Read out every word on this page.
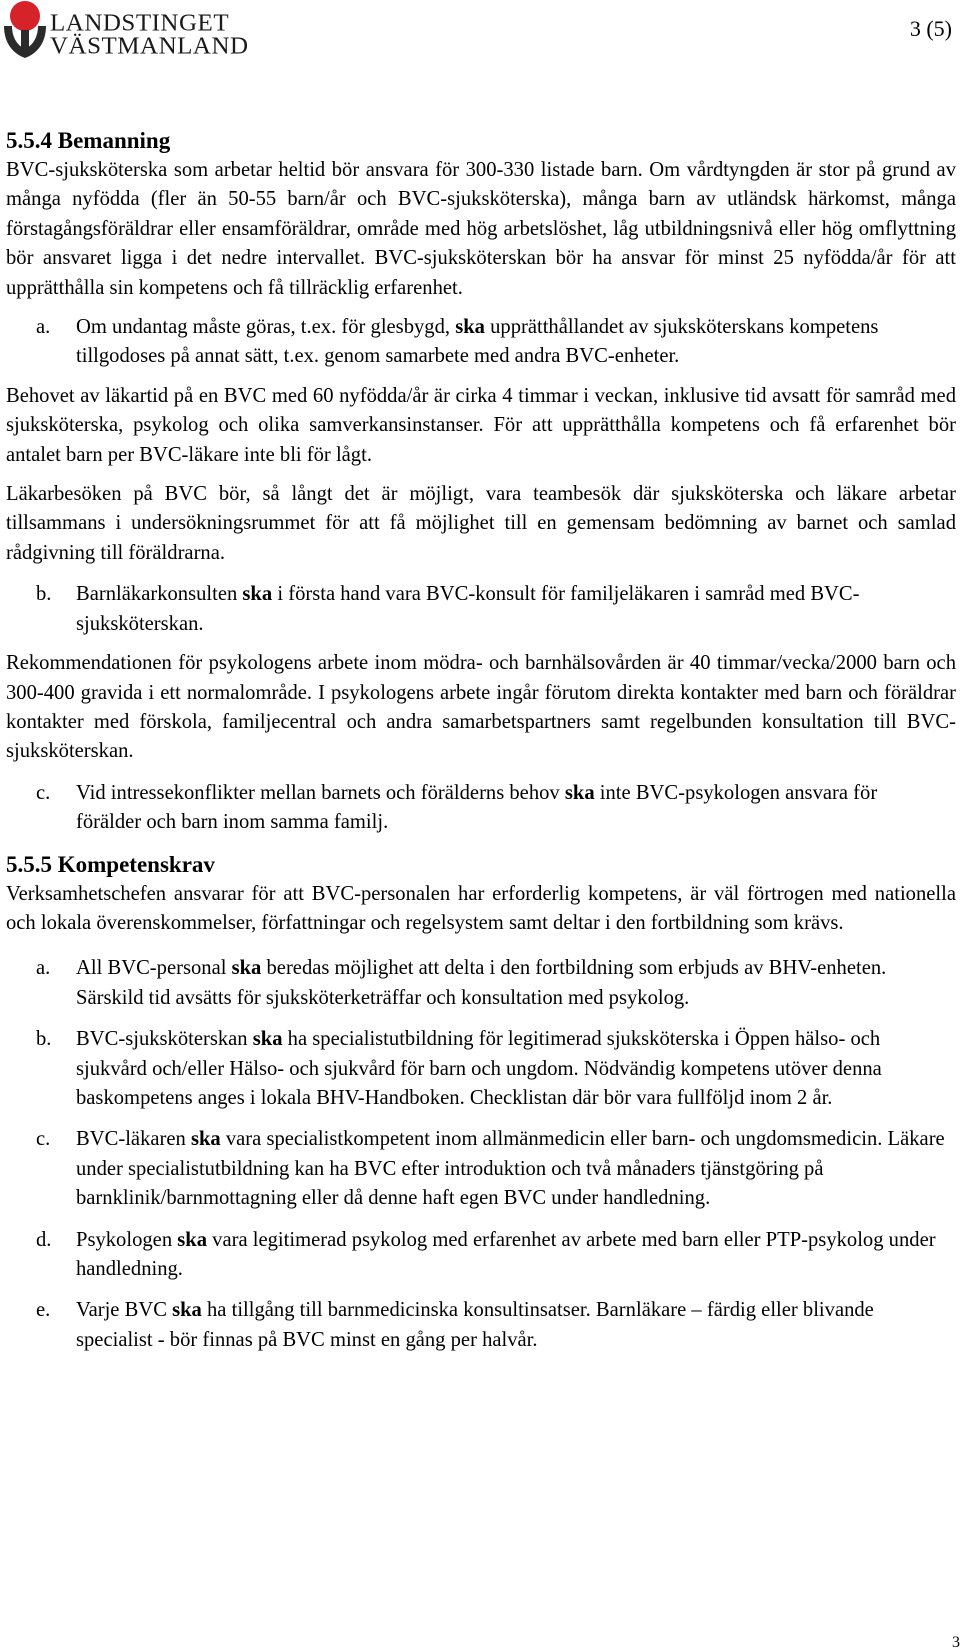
LANDSTINGET
VÄSTMANLAND
3 (5)
5.5.4 Bemanning

BVC-sjuksköterska som arbetar heltid bör ansvara för 300-330 listade barn. Om vårdtyngden är stor på grund av många nyfödda (fler än 50-55 barn/år och BVC-sjuksköterska), många barn av utländsk härkomst, många förstagångsföräldrar eller ensamföräldrar, område med hög arbetslöshet, låg utbildningsnivå eller hög omflyttning bör ansvaret ligga i det nedre intervallet. BVC-sjuksköterskan bör ha ansvar för minst 25 nyfödda/år för att upprätthålla sin kompetens och få tillräcklig erfarenhet.

a.	Om undantag måste göras, t.ex. för glesbygd, ska upprätthållandet av sjuksköterskans kompetens tillgodoses på annat sätt, t.ex. genom samarbete med andra BVC-enheter.

Behovet av läkartid på en BVC med 60 nyfödda/år är cirka 4 timmar i veckan, inklusive tid avsatt för samråd med sjuksköterska, psykolog och olika samverkansinstanser. För att upprätthålla kompetens och få erfarenhet bör antalet barn per BVC-läkare inte bli för lågt.

Läkarbesöken på BVC bör, så långt det är möjligt, vara teambesök där sjuksköterska och läkare arbetar tillsammans i undersökningsrummet för att få möjlighet till en gemensam bedömning av barnet och samlad rådgivning till föräldrarna.

b.	Barnläkarkonsulten ska i första hand vara BVC-konsult för familjeläkaren i samråd med BVC-sjuksköterskan.

Rekommendationen för psykologens arbete inom mödra- och barnhälsovården är 40 timmar/vecka/2000 barn och 300-400 gravida i ett normalområde. I psykologens arbete ingår förutom direkta kontakter med barn och föräldrar kontakter med förskola, familjecentral och andra samarbetspartners samt regelbunden konsultation till BVC-sjuksköterskan.

c.	Vid intressekonflikter mellan barnets och förälderns behov ska inte BVC-psykologen ansvara för förälder och barn inom samma familj.
5.5.5 Kompetenskrav

Verksamhetschefen ansvarar för att BVC-personalen har erforderlig kompetens, är väl förtrogen med nationella och lokala överenskommelser, författningar och regelsystem samt deltar i den fortbildning som krävs.

a.	All BVC-personal ska beredas möjlighet att delta i den fortbildning som erbjuds av BHV-enheten. Särskild tid avsätts för sjuksköterketräffar och konsultation med psykolog.
b.	BVC-sjuksköterskan ska ha specialistutbildning för legitimerad sjuksköterska i Öppen hälso- och sjukvård och/eller Hälso- och sjukvård för barn och ungdom. Nödvändig kompetens utöver denna baskompetens anges i lokala BHV-Handboken. Checklistan där bör vara fullföljd inom 2 år.
c.	BVC-läkaren ska vara specialistkompetent inom allmänmedicin eller barn- och ungdomsmedicin. Läkare under specialistutbildning kan ha BVC efter introduktion och två månaders tjänstgöring på barnklinik/barnmottagning eller då denne haft egen BVC under handledning.
d.	Psykologen ska vara legitimerad psykolog med erfarenhet av arbete med barn eller PTP-psykolog under handledning.
e.	Varje BVC ska ha tillgång till barnmedicinska konsultinsatser. Barnläkare – färdig eller blivande specialist - bör finnas på BVC minst en gång per halvår.
3
